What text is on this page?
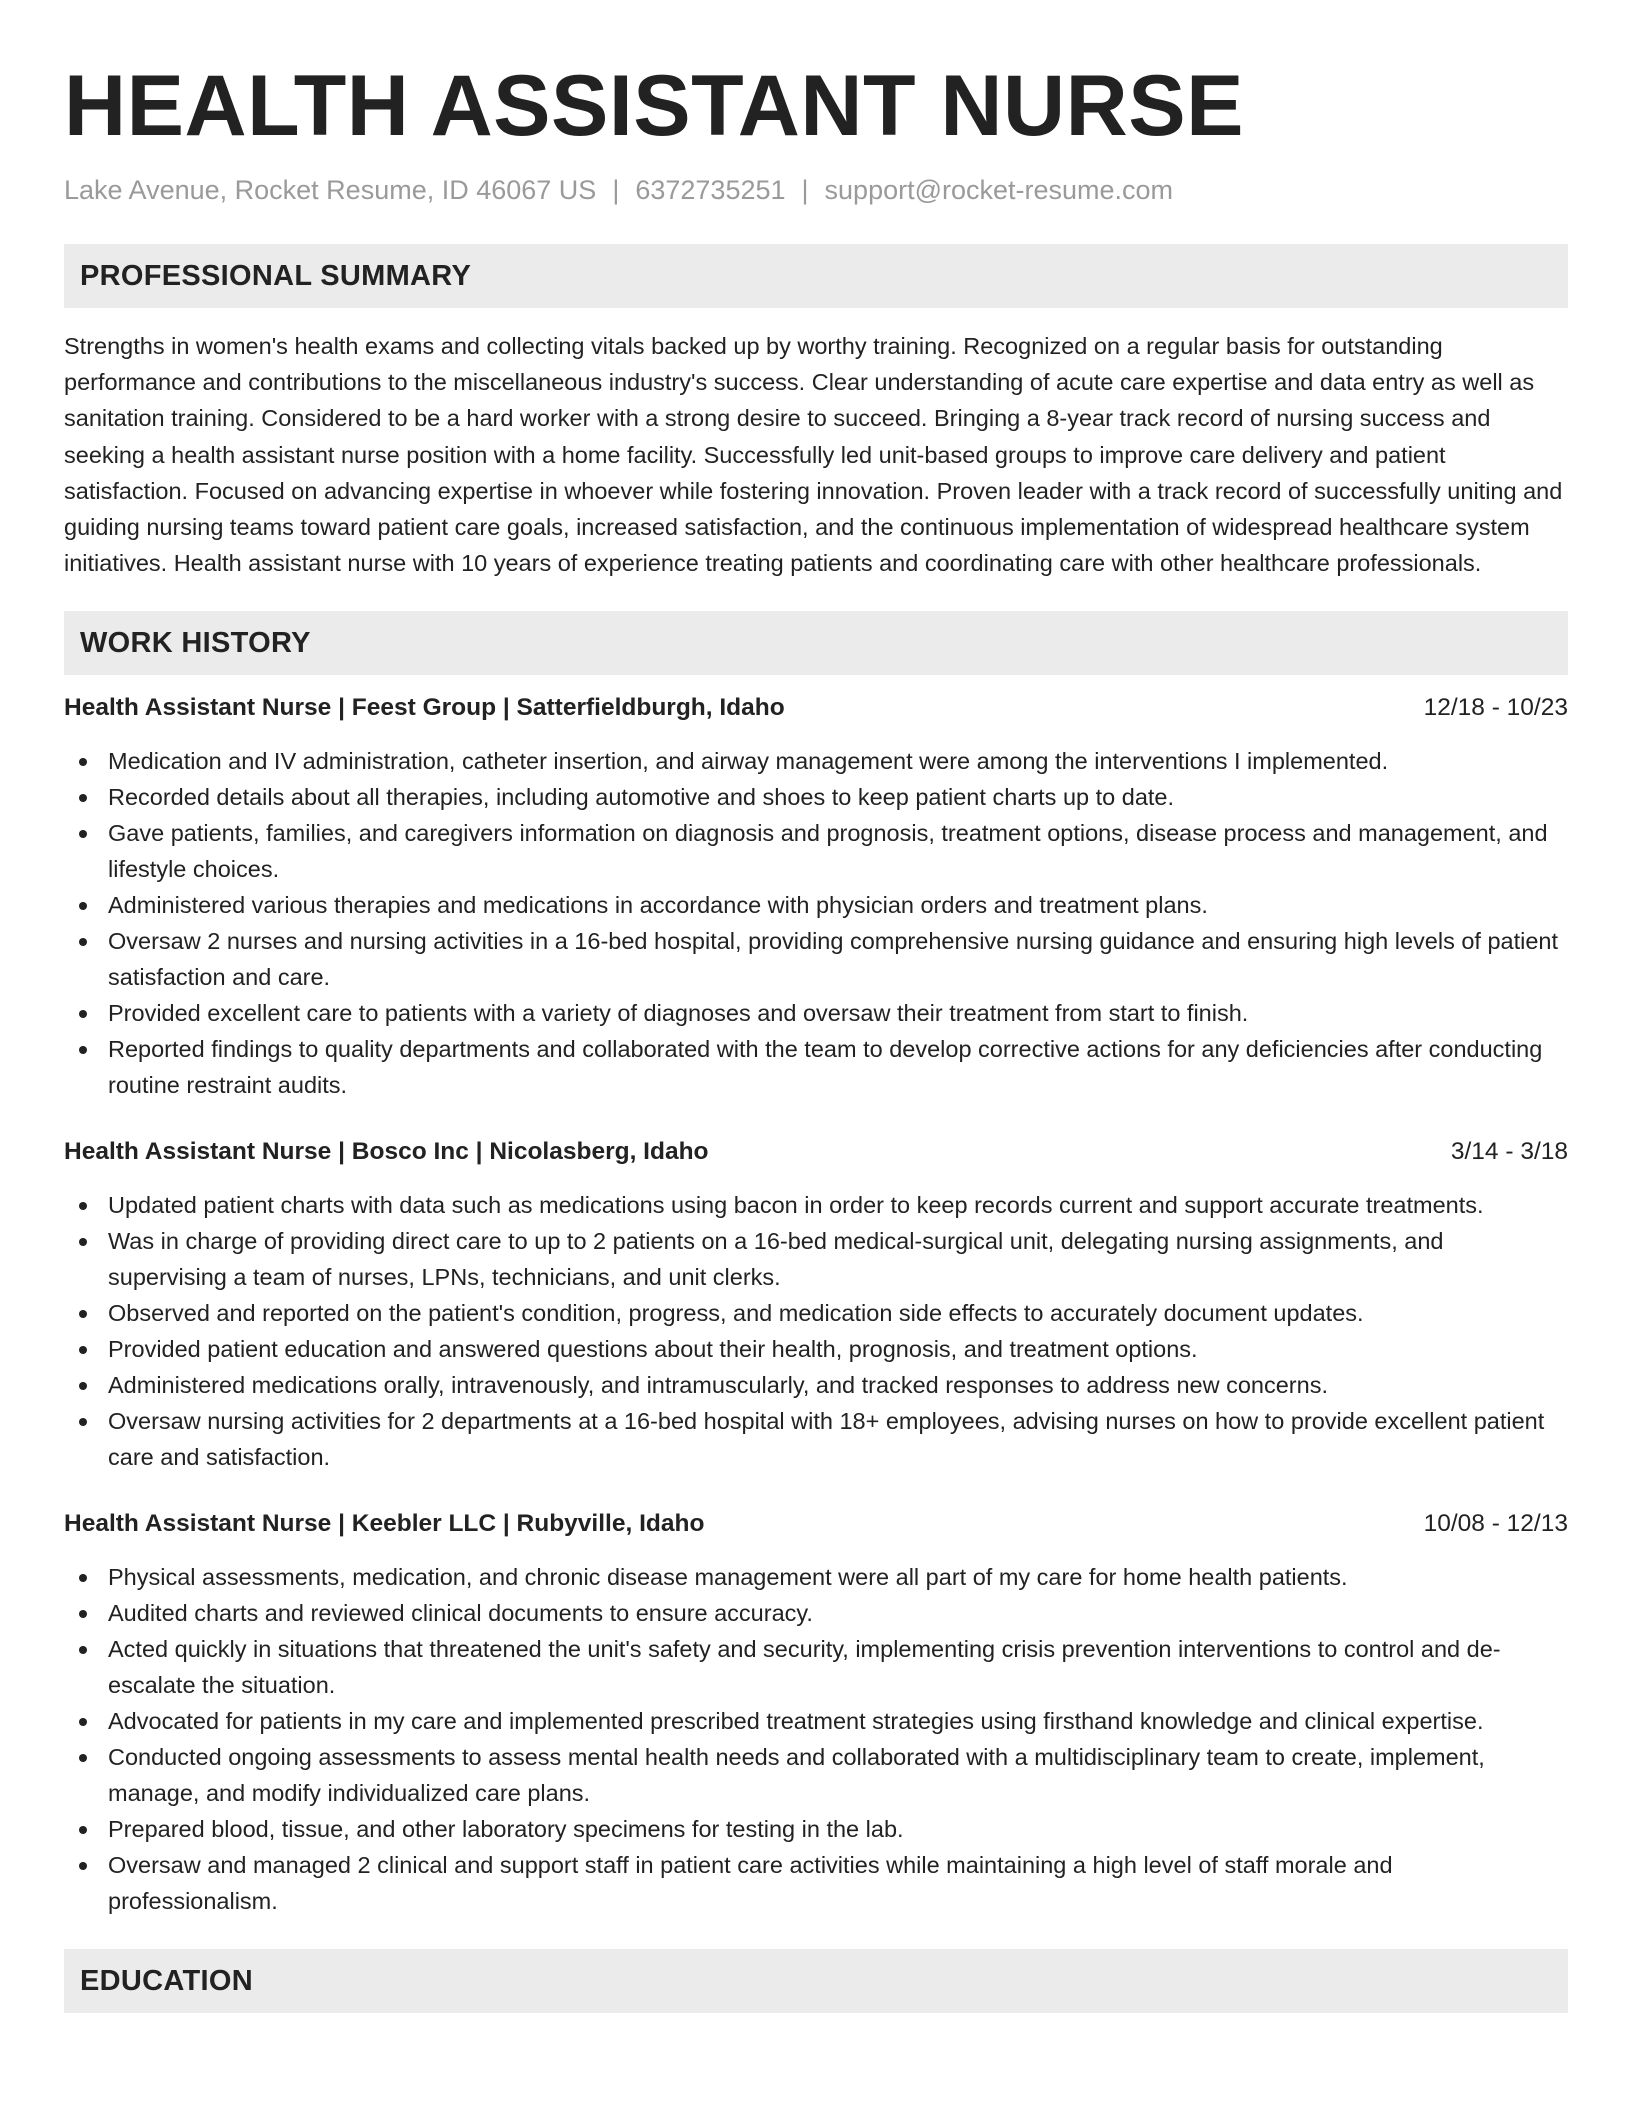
HEALTH ASSISTANT NURSE
Lake Avenue, Rocket Resume, ID 46067 US | 6372735251 | support@rocket-resume.com
PROFESSIONAL SUMMARY

Strengths in women's health exams and collecting vitals backed up by worthy training. Recognized on a regular basis for outstanding performance and contributions to the miscellaneous industry's success. Clear understanding of acute care expertise and data entry as well as sanitation training. Considered to be a hard worker with a strong desire to succeed. Bringing a 8-year track record of nursing success and seeking a health assistant nurse position with a home facility. Successfully led unit-based groups to improve care delivery and patient satisfaction. Focused on advancing expertise in whoever while fostering innovation. Proven leader with a track record of successfully uniting and guiding nursing teams toward patient care goals, increased satisfaction, and the continuous implementation of widespread healthcare system initiatives. Health assistant nurse with 10 years of experience treating patients and coordinating care with other healthcare professionals.

WORK HISTORY
Health Assistant Nurse | Feest Group | Satterfieldburgh, Idaho	12/18 - 10/23
Medication and IV administration, catheter insertion, and airway management were among the interventions I implemented.
Recorded details about all therapies, including automotive and shoes to keep patient charts up to date.
Gave patients, families, and caregivers information on diagnosis and prognosis, treatment options, disease process and management, and lifestyle choices.
Administered various therapies and medications in accordance with physician orders and treatment plans.
Oversaw 2 nurses and nursing activities in a 16-bed hospital, providing comprehensive nursing guidance and ensuring high levels of patient satisfaction and care.
Provided excellent care to patients with a variety of diagnoses and oversaw their treatment from start to finish.
Reported findings to quality departments and collaborated with the team to develop corrective actions for any deficiencies after conducting routine restraint audits.
Health Assistant Nurse | Bosco Inc | Nicolasberg, Idaho	3/14 - 3/18
Updated patient charts with data such as medications using bacon in order to keep records current and support accurate treatments.
Was in charge of providing direct care to up to 2 patients on a 16-bed medical-surgical unit, delegating nursing assignments, and supervising a team of nurses, LPNs, technicians, and unit clerks.
Observed and reported on the patient's condition, progress, and medication side effects to accurately document updates.
Provided patient education and answered questions about their health, prognosis, and treatment options.
Administered medications orally, intravenously, and intramuscularly, and tracked responses to address new concerns.
Oversaw nursing activities for 2 departments at a 16-bed hospital with 18+ employees, advising nurses on how to provide excellent patient care and satisfaction.
Health Assistant Nurse | Keebler LLC | Rubyville, Idaho	10/08 - 12/13
Physical assessments, medication, and chronic disease management were all part of my care for home health patients.
Audited charts and reviewed clinical documents to ensure accuracy.
Acted quickly in situations that threatened the unit's safety and security, implementing crisis prevention interventions to control and de-escalate the situation.
Advocated for patients in my care and implemented prescribed treatment strategies using firsthand knowledge and clinical expertise.
Conducted ongoing assessments to assess mental health needs and collaborated with a multidisciplinary team to create, implement, manage, and modify individualized care plans.
Prepared blood, tissue, and other laboratory specimens for testing in the lab.
Oversaw and managed 2 clinical and support staff in patient care activities while maintaining a high level of staff morale and professionalism.
EDUCATION
